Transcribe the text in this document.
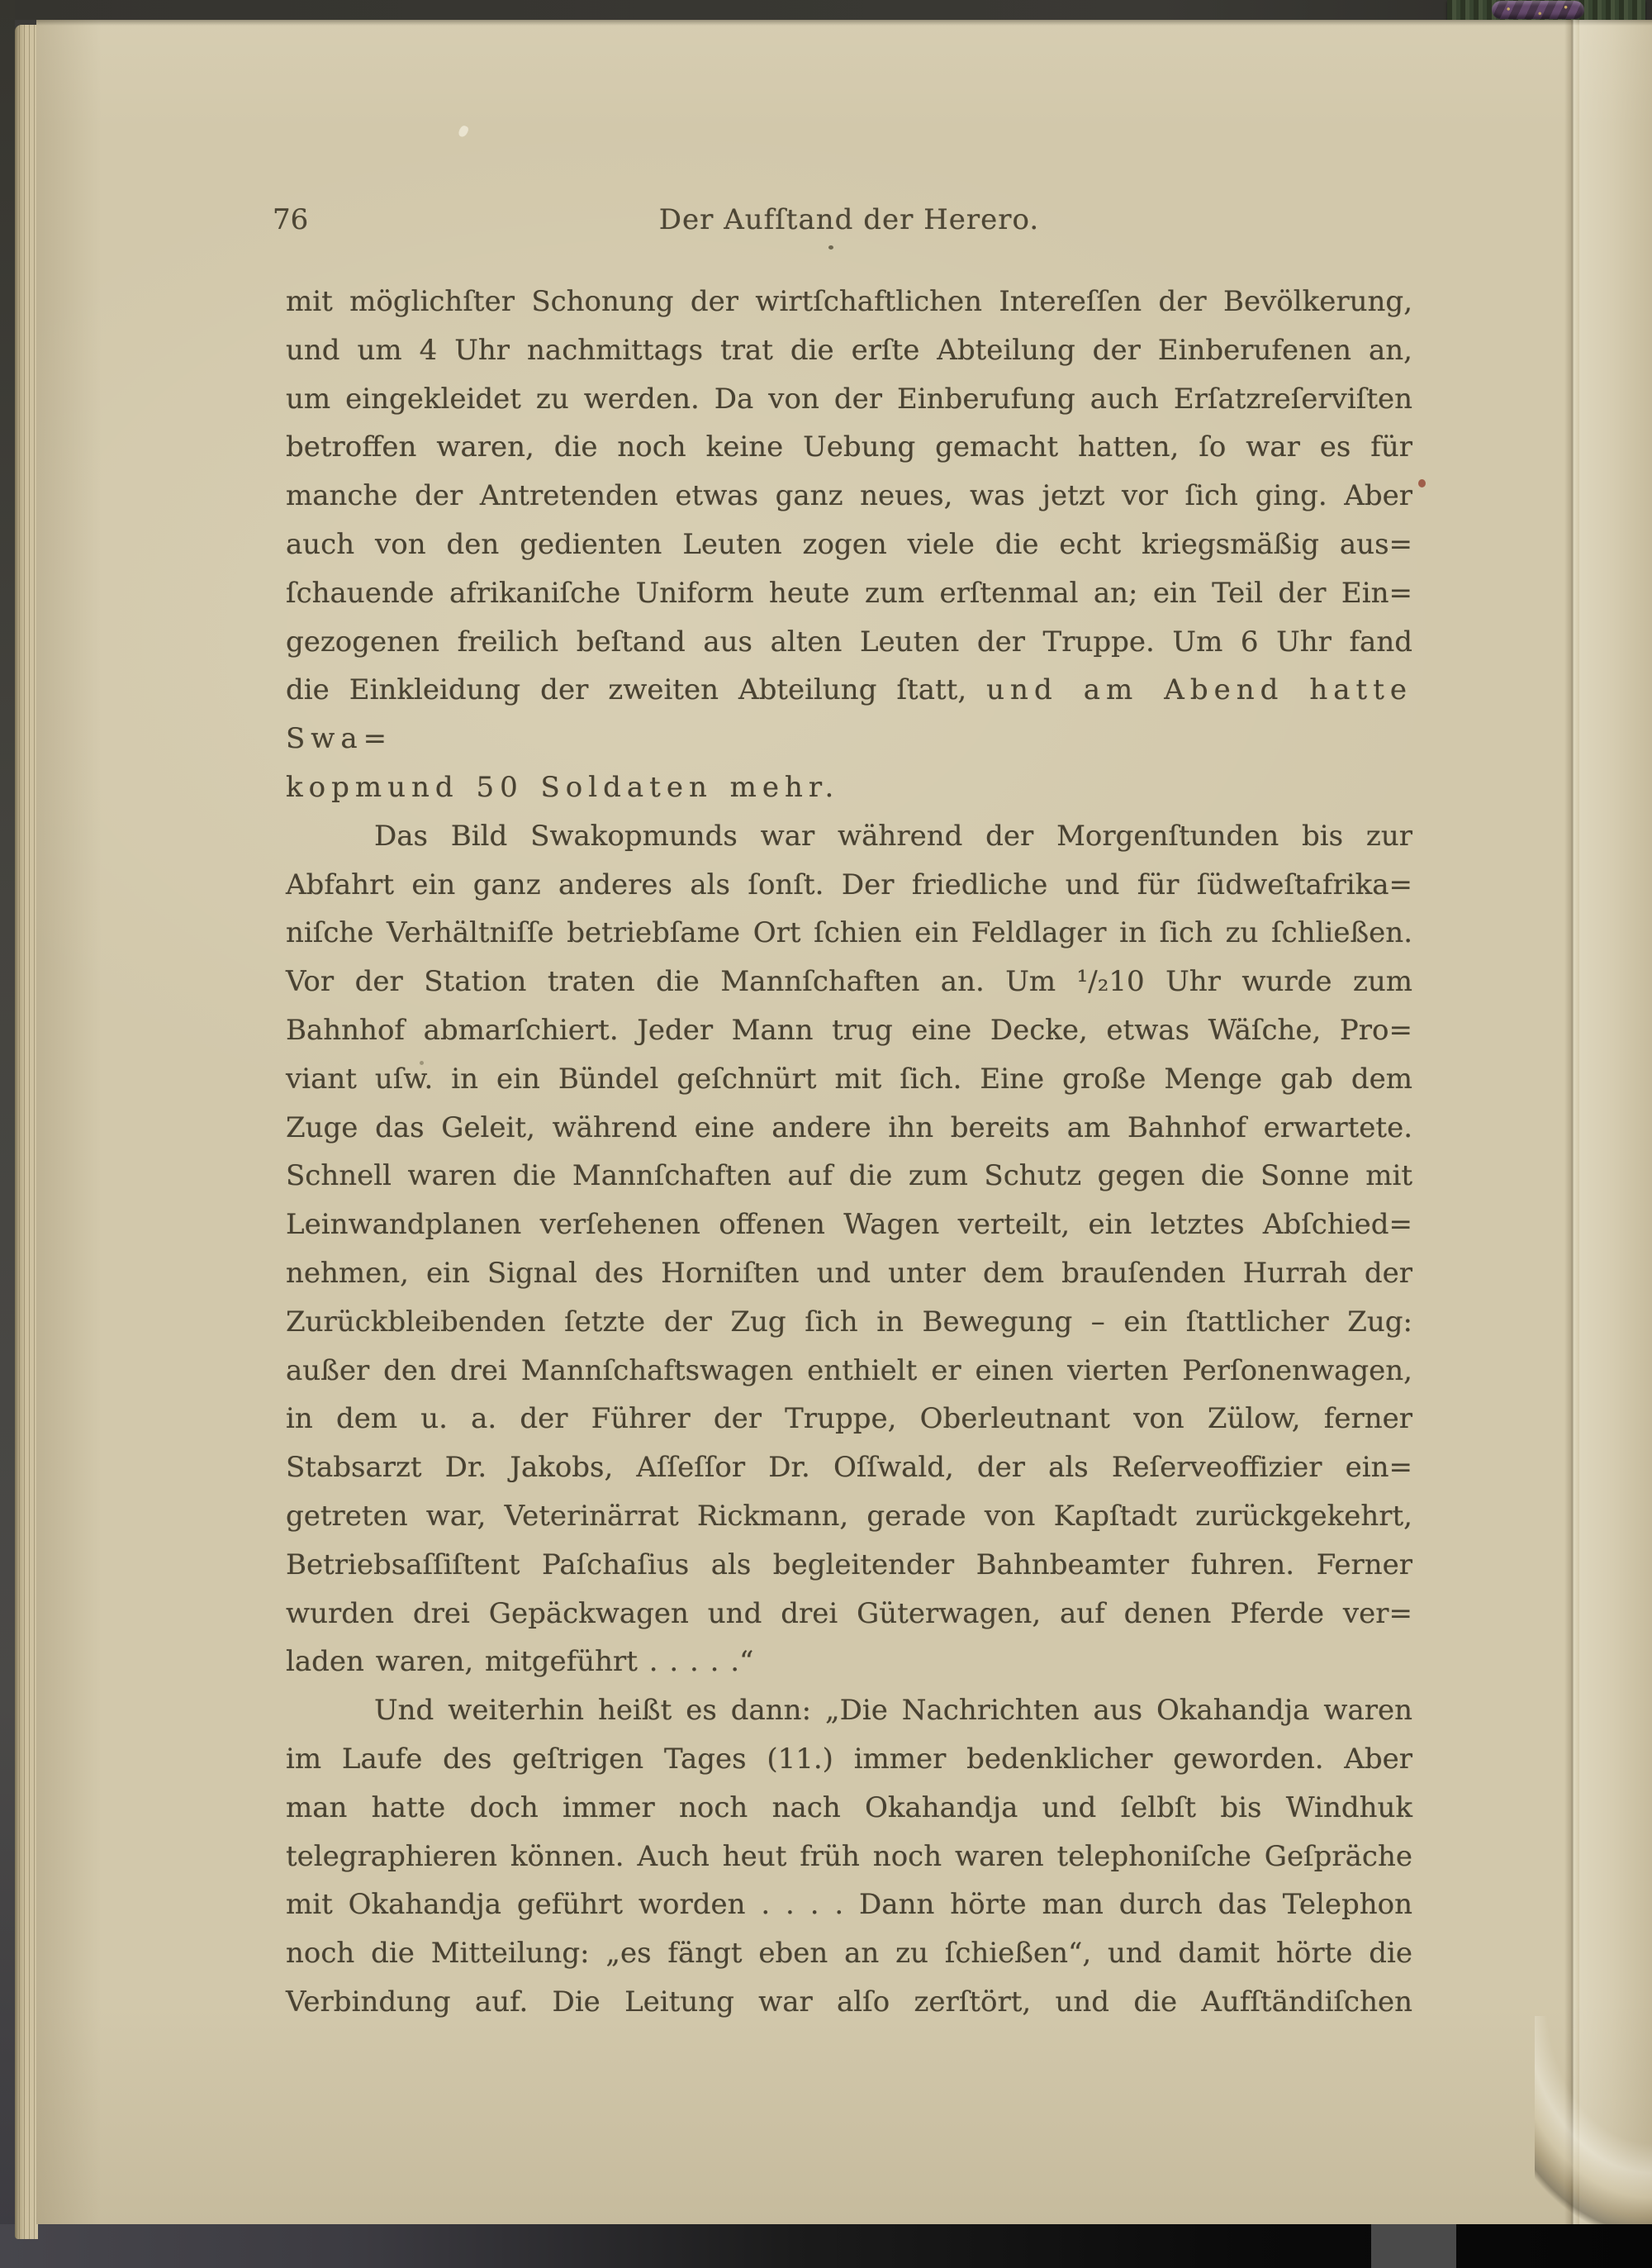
76	Der Aufſtand der Herero.
mit möglichſter Schonung der wirtſchaftlichen Intereſſen der Bevölkerung,
und um 4 Uhr nachmittags trat die erſte Abteilung der Einberufenen an,
um eingekleidet zu werden. Da von der Einberufung auch Erſatzreſerviſten
betroffen waren, die noch keine Uebung gemacht hatten, ſo war es für
manche der Antretenden etwas ganz neues, was jetzt vor ſich ging. Aber
auch von den gedienten Leuten zogen viele die echt kriegsmäßig aus=
ſchauende afrikaniſche Uniform heute zum erſtenmal an; ein Teil der Ein=
gezogenen freilich beſtand aus alten Leuten der Truppe. Um 6 Uhr fand
die Einkleidung der zweiten Abteilung ſtatt, und am Abend hatte Swa=
kopmund 50 Soldaten mehr.
Das Bild Swakopmunds war während der Morgenſtunden bis zur
Abfahrt ein ganz anderes als ſonſt. Der friedliche und für ſüdweſtafrika=
niſche Verhältniſſe betriebſame Ort ſchien ein Feldlager in ſich zu ſchließen.
Vor der Station traten die Mannſchaften an. Um ¹/₂10 Uhr wurde zum
Bahnhof abmarſchiert. Jeder Mann trug eine Decke, etwas Wäſche, Pro=
viant uſw. in ein Bündel geſchnürt mit ſich. Eine große Menge gab dem
Zuge das Geleit, während eine andere ihn bereits am Bahnhof erwartete.
Schnell waren die Mannſchaften auf die zum Schutz gegen die Sonne mit
Leinwandplanen verſehenen offenen Wagen verteilt, ein letztes Abſchied=
nehmen, ein Signal des Horniſten und unter dem brauſenden Hurrah der
Zurückbleibenden ſetzte der Zug ſich in Bewegung – ein ſtattlicher Zug:
außer den drei Mannſchaftswagen enthielt er einen vierten Perſonenwagen,
in dem u. a. der Führer der Truppe, Oberleutnant von Zülow, ferner
Stabsarzt Dr. Jakobs, Aſſeſſor Dr. Oſſwald, der als Reſerveoffizier ein=
getreten war, Veterinärrat Rickmann, gerade von Kapſtadt zurückgekehrt,
Betriebsaſſiſtent Paſchaſius als begleitender Bahnbeamter fuhren. Ferner
wurden drei Gepäckwagen und drei Güterwagen, auf denen Pferde ver=
laden waren, mitgeführt . . . . .“
Und weiterhin heißt es dann: „Die Nachrichten aus Okahandja waren
im Laufe des geſtrigen Tages (11.) immer bedenklicher geworden. Aber
man hatte doch immer noch nach Okahandja und ſelbſt bis Windhuk
telegraphieren können. Auch heut früh noch waren telephoniſche Geſpräche
mit Okahandja geführt worden . . . . Dann hörte man durch das Telephon
noch die Mitteilung: „es fängt eben an zu ſchießen“, und damit hörte die
Verbindung auf. Die Leitung war alſo zerſtört, und die Aufſtändiſchen
